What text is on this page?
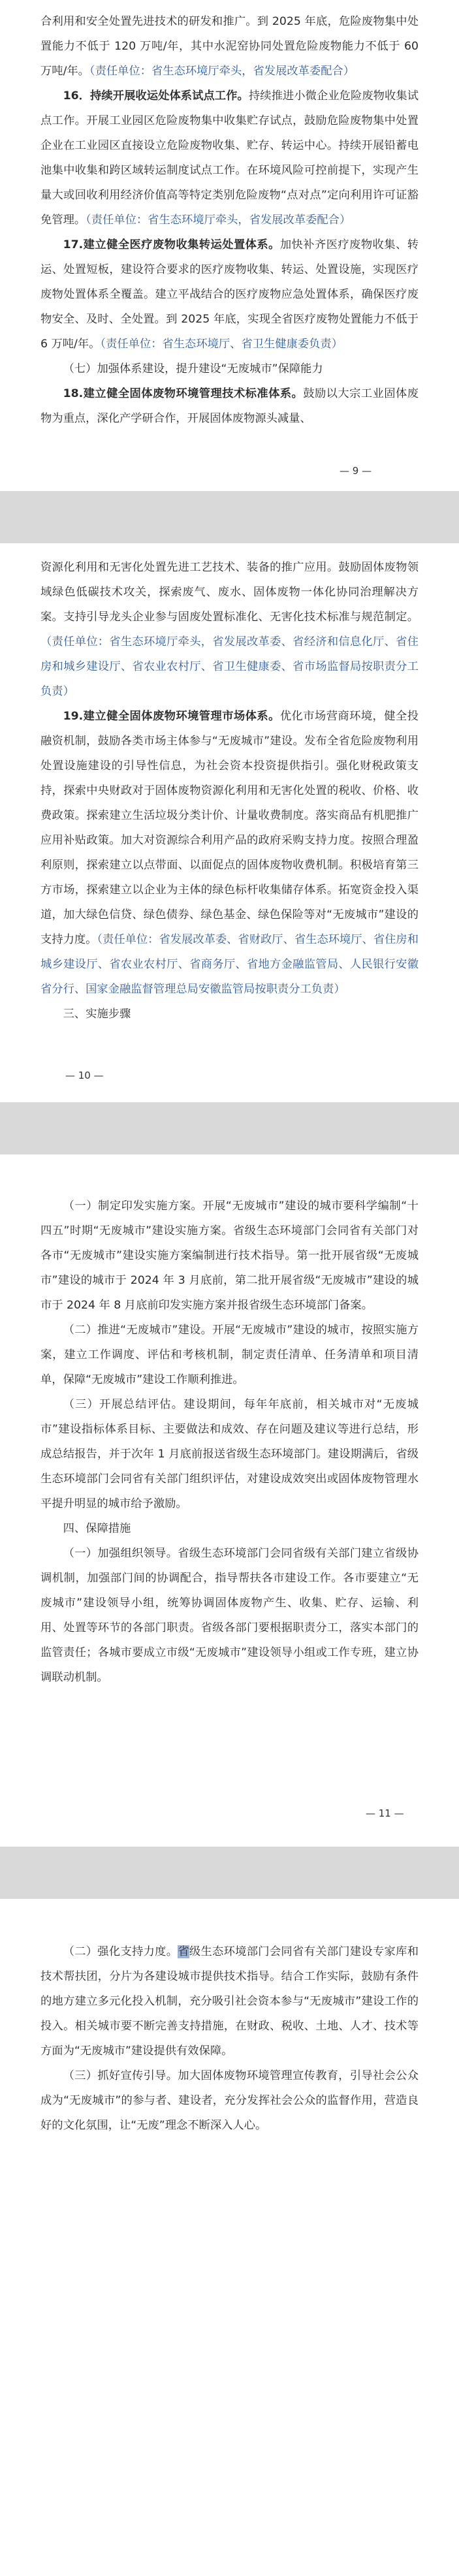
合利用和安全处置先进技术的研发和推广。到 2025 年底，危险废物集中处置能力不低于 120 万吨/年，其中水泥窑协同处置危险废物能力不低于 60 万吨/年。（责任单位：省生态环境厅牵头，省发展改革委配合）

16．持续开展收运处体系试点工作。持续推进小微企业危险废物收集试点工作。开展工业园区危险废物集中收集贮存试点，鼓励危险废物集中处置企业在工业园区直接设立危险废物收集、贮存、转运中心。持续开展铅蓄电池集中收集和跨区域转运制度试点工作。在环境风险可控前提下，实现产生量大或回收利用经济价值高等特定类别危险废物“点对点”定向利用许可证豁免管理。（责任单位：省生态环境厅牵头，省发展改革委配合）

17.建立健全医疗废物收集转运处置体系。加快补齐医疗废物收集、转运、处置短板，建设符合要求的医疗废物收集、转运、处置设施，实现医疗废物处置体系全覆盖。建立平战结合的医疗废物应急处置体系，确保医疗废物安全、及时、全处置。到 2025 年底，实现全省医疗废物处置能力不低于 6 万吨/年。（责任单位：省生态环境厅、省卫生健康委负责）

（七）加强体系建设，提升建设“无废城市”保障能力

18.建立健全固体废物环境管理技术标准体系。鼓励以大宗工业固体废物为重点，深化产学研合作，开展固体废物源头减量、

— 9 —

资源化利用和无害化处置先进工艺技术、装备的推广应用。鼓励固体废物领域绿色低碳技术攻关，探索废气、废水、固体废物一体化协同治理解决方案。支持引导龙头企业参与固废处置标准化、无害化技术标准与规范制定。（责任单位：省生态环境厅牵头，省发展改革委、省经济和信息化厅、省住房和城乡建设厅、省农业农村厅、省卫生健康委、省市场监督局按职责分工负责）

19.建立健全固体废物环境管理市场体系。优化市场营商环境，健全投融资机制，鼓励各类市场主体参与“无废城市”建设。发布全省危险废物利用处置设施建设的引导性信息，为社会资本投资提供指引。强化财税政策支持，探索中央财政对于固体废物资源化利用和无害化处置的税收、价格、收费政策。探索建立生活垃圾分类计价、计量收费制度。落实商品有机肥推广应用补贴政策。加大对资源综合利用产品的政府采购支持力度。按照合理盈利原则，探索建立以点带面、以面促点的固体废物收费机制。积极培育第三方市场，探索建立以企业为主体的绿色标杆收集储存体系。拓宽资金投入渠道，加大绿色信贷、绿色债券、绿色基金、绿色保险等对“无废城市”建设的支持力度。（责任单位：省发展改革委、省财政厅、省生态环境厅、省住房和城乡建设厅、省农业农村厅、省商务厅、省地方金融监管局、人民银行安徽省分行、国家金融监督管理总局安徽监管局按职责分工负责）

三、实施步骤

— 10 —

（一）制定印发实施方案。开展“无废城市”建设的城市要科学编制“十四五”时期“无废城市”建设实施方案。省级生态环境部门会同省有关部门对各市“无废城市”建设实施方案编制进行技术指导。第一批开展省级“无废城市”建设的城市于 2024 年 3 月底前，第二批开展省级“无废城市”建设的城市于 2024 年 8 月底前印发实施方案并报省级生态环境部门备案。

（二）推进“无废城市”建设。开展“无废城市”建设的城市，按照实施方案，建立工作调度、评估和考核机制，制定责任清单、任务清单和项目清单，保障“无废城市”建设工作顺利推进。

（三）开展总结评估。建设期间，每年年底前，相关城市对“无废城市”建设指标体系目标、主要做法和成效、存在问题及建议等进行总结，形成总结报告，并于次年 1 月底前报送省级生态环境部门。建设期满后，省级生态环境部门会同省有关部门组织评估，对建设成效突出或固体废物管理水平提升明显的城市给予激励。

四、保障措施

（一）加强组织领导。省级生态环境部门会同省级有关部门建立省级协调机制，加强部门间的协调配合，指导帮扶各市建设工作。各市要建立“无废城市”建设领导小组，统筹协调固体废物产生、收集、贮存、运输、利用、处置等环节的各部门职责。省级各部门要根据职责分工，落实本部门的监管责任；各城市要成立市级“无废城市”建设领导小组或工作专班，建立协调联动机制。

— 11 —

（二）强化支持力度。省级生态环境部门会同省有关部门建设专家库和技术帮扶团，分片为各建设城市提供技术指导。结合工作实际，鼓励有条件的地方建立多元化投入机制，充分吸引社会资本参与“无废城市”建设工作的投入。相关城市要不断完善支持措施，在财政、税收、土地、人才、技术等方面为“无废城市”建设提供有效保障。

（三）抓好宣传引导。加大固体废物环境管理宣传教育，引导社会公众成为“无废城市”的参与者、建设者，充分发挥社会公众的监督作用，营造良好的文化氛围，让“无废”理念不断深入人心。
